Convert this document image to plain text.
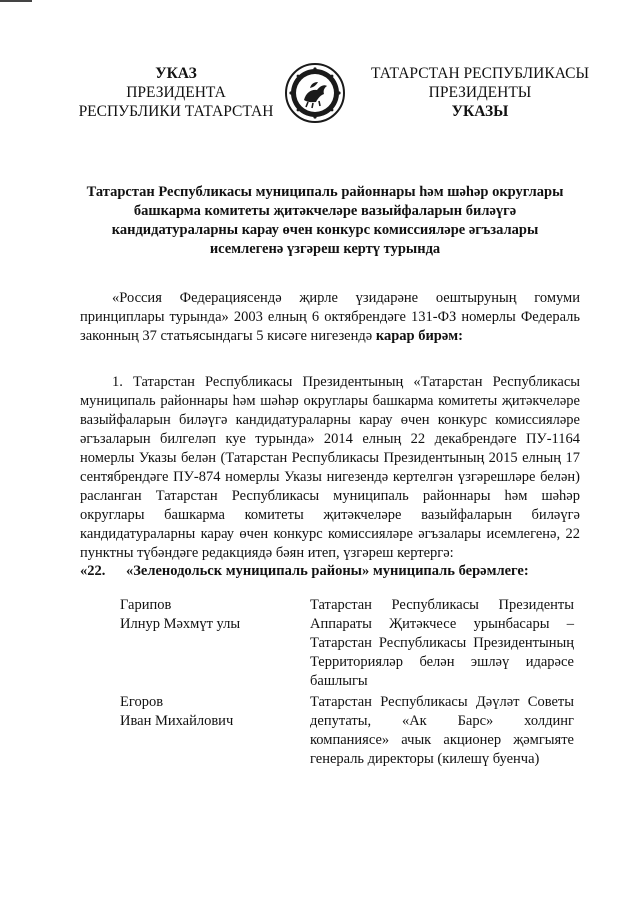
УКАЗ
ПРЕЗИДЕНТА
РЕСПУБЛИКИ ТАТАРСТАН
ТАТАРСТАН РЕСПУБЛИКАСЫ
ПРЕЗИДЕНТЫ
УКАЗЫ
Татарстан Республикасы муниципаль районнары һәм шәһәр округлары
башкарма комитеты җитәкчеләре вазыйфаларын биләүгә
кандидатураларны карау өчен конкурс комиссияләре әгъзалары
исемлегенә үзгәреш кертү турында
«Россия Федерациясендә җирле үзидарәне оештыруның гомуми принциплары турында» 2003 елның 6 октябрендәге 131-ФЗ номерлы Федераль законның 37 статьясындагы 5 кисәге нигезендә карар бирәм:
1. Татарстан Республикасы Президентының «Татарстан Республикасы муниципаль районнары һәм шәһәр округлары башкарма комитеты җитәкчеләре вазыйфаларын биләүгә кандидатураларны карау өчен конкурс комиссияләре әгъзаларын билгеләп куе турында» 2014 елның 22 декабрендәге ПУ-1164 номерлы Указы белән (Татарстан Республикасы Президентының 2015 елның 17 сентябрендәге ПУ-874 номерлы Указы нигезендә кертелгән үзгәрешләре белән) расланган Татарстан Республикасы муниципаль районнары һәм шәһәр округлары башкарма комитеты җитәкчеләре вазыйфаларын биләүгә кандидатураларны карау өчен конкурс комиссияләре әгъзалары исемлегенә, 22 пунктны түбәндәге редакциядә бәян итеп, үзгәреш кертергә:
«22. «Зеленодольск муниципаль районы» муниципаль берәмлеге:
Гарипов
Илнур Мәхмүт улы
Татарстан Республикасы Президенты Аппараты Җитәкчесе урынбасары – Татарстан Республикасы Президентының Территорияләр белән эшләү идарәсе башлыгы
Егоров
Иван Михайлович
Татарстан Республикасы Дәүләт Советы депутаты, «Ак Барс» холдинг компаниясе» ачык акционер җәмгыяте генераль директоры (килешү буенча)
